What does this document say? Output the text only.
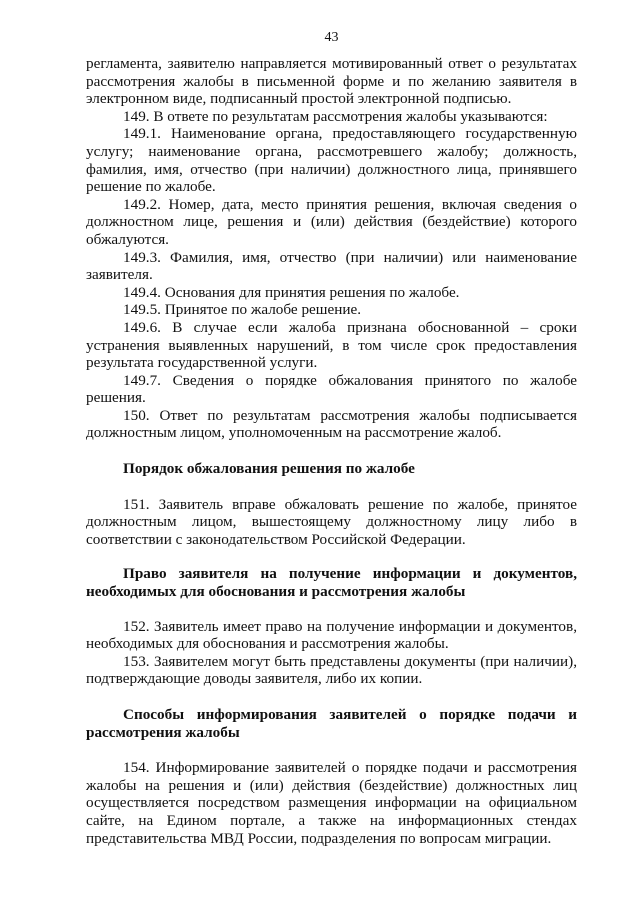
43

регламента, заявителю направляется мотивированный ответ о результатах рассмотрения жалобы в письменной форме и по желанию заявителя в электронном виде, подписанный простой электронной подписью.

149. В ответе по результатам рассмотрения жалобы указываются:

149.1. Наименование органа, предоставляющего государственную услугу; наименование органа, рассмотревшего жалобу; должность, фамилия, имя, отчество (при наличии) должностного лица, принявшего решение по жалобе.

149.2. Номер, дата, место принятия решения, включая сведения о должностном лице, решения и (или) действия (бездействие) которого обжалуются.

149.3. Фамилия, имя, отчество (при наличии) или наименование заявителя.

149.4. Основания для принятия решения по жалобе.

149.5. Принятое по жалобе решение.

149.6. В случае если жалоба признана обоснованной – сроки устранения выявленных нарушений, в том числе срок предоставления результата государственной услуги.

149.7. Сведения о порядке обжалования принятого по жалобе решения.

150. Ответ по результатам рассмотрения жалобы подписывается должностным лицом, уполномоченным на рассмотрение жалоб.

Порядок обжалования решения по жалобе

151. Заявитель вправе обжаловать решение по жалобе, принятое должностным лицом, вышестоящему должностному лицу либо в соответствии с законодательством Российской Федерации.

Право заявителя на получение информации и документов, необходимых для обоснования и рассмотрения жалобы

152. Заявитель имеет право на получение информации и документов, необходимых для обоснования и рассмотрения жалобы.

153. Заявителем могут быть представлены документы (при наличии), подтверждающие доводы заявителя, либо их копии.

Способы информирования заявителей о порядке подачи и рассмотрения жалобы

154. Информирование заявителей о порядке подачи и рассмотрения жалобы на решения и (или) действия (бездействие) должностных лиц осуществляется посредством размещения информации на официальном сайте, на Едином портале, а также на информационных стендах представительства МВД России, подразделения по вопросам миграции.
